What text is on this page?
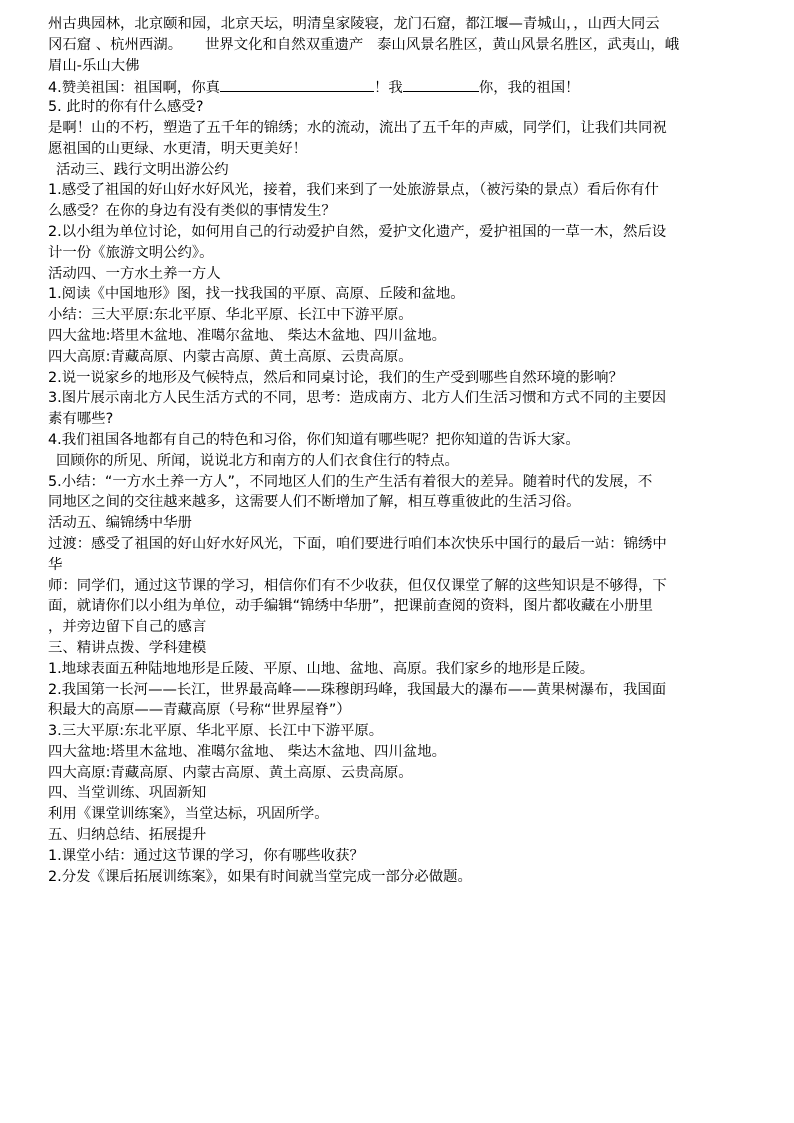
州古典园林，北京颐和园，北京天坛，明清皇家陵寝，龙门石窟，都江堰—青城山，，山西大同云
冈石窟 、杭州西湖。     世界文化和自然双重遗产   泰山风景名胜区，黄山风景名胜区，武夷山，峨
眉山-乐山大佛
4.赞美祖国：祖国啊，你真	！我	你，我的祖国！
5. 此时的你有什么感受?
是啊！山的不朽，塑造了五千年的锦绣；水的流动，流出了五千年的声威，同学们，让我们共同祝
愿祖国的山更绿、水更清，明天更美好！
活动三、践行文明出游公约
1.感受了祖国的好山好水好风光，接着，我们来到了一处旅游景点，（被污染的景点）看后你有什
么感受？在你的身边有没有类似的事情发生？
2.以小组为单位讨论，如何用自己的行动爱护自然，爱护文化遗产，爱护祖国的一草一木，然后设
计一份《旅游文明公约》。
活动四、一方水土养一方人
1.阅读《中国地形》图，找一找我国的平原、高原、丘陵和盆地。
小结：三大平原:东北平原、华北平原、长江中下游平原。
四大盆地:塔里木盆地、准噶尔盆地、 柴达木盆地、四川盆地。
四大高原:青藏高原、内蒙古高原、黄土高原、云贵高原。
2.说一说家乡的地形及气候特点，然后和同桌讨论，我们的生产受到哪些自然环境的影响？
3.图片展示南北方人民生活方式的不同，思考：造成南方、北方人们生活习惯和方式不同的主要因
素有哪些?
4.我们祖国各地都有自己的特色和习俗，你们知道有哪些呢？把你知道的告诉大家。
回顾你的所见、所闻，说说北方和南方的人们衣食住行的特点。
5.小结：“一方水土养一方人”，不同地区人们的生产生活有着很大的差异。随着时代的发展，不
同地区之间的交往越来越多，这需要人们不断增加了解，相互尊重彼此的生活习俗。
活动五、编锦绣中华册
过渡：感受了祖国的好山好水好风光，下面，咱们要进行咱们本次快乐中国行的最后一站：锦绣中
华
师：同学们，通过这节课的学习，相信你们有不少收获，但仅仅课堂了解的这些知识是不够得，下
面，就请你们以小组为单位，动手编辑“锦绣中华册”，把课前查阅的资料，图片都收藏在小册里
，并旁边留下自己的感言
三、精讲点拨、学科建模
1.地球表面五种陆地地形是丘陵、平原、山地、盆地、高原。我们家乡的地形是丘陵。
2.我国第一长河——长江，世界最高峰——珠穆朗玛峰，我国最大的瀑布——黄果树瀑布，我国面
积最大的高原——青藏高原（号称“世界屋脊”）
3.三大平原:东北平原、华北平原、长江中下游平原。
四大盆地:塔里木盆地、准噶尔盆地、 柴达木盆地、四川盆地。
四大高原:青藏高原、内蒙古高原、黄土高原、云贵高原。
四、当堂训练、巩固新知
利用《课堂训练案》，当堂达标，巩固所学。
五、归纳总结、拓展提升
1.课堂小结：通过这节课的学习，你有哪些收获？
2.分发《课后拓展训练案》，如果有时间就当堂完成一部分必做题。
